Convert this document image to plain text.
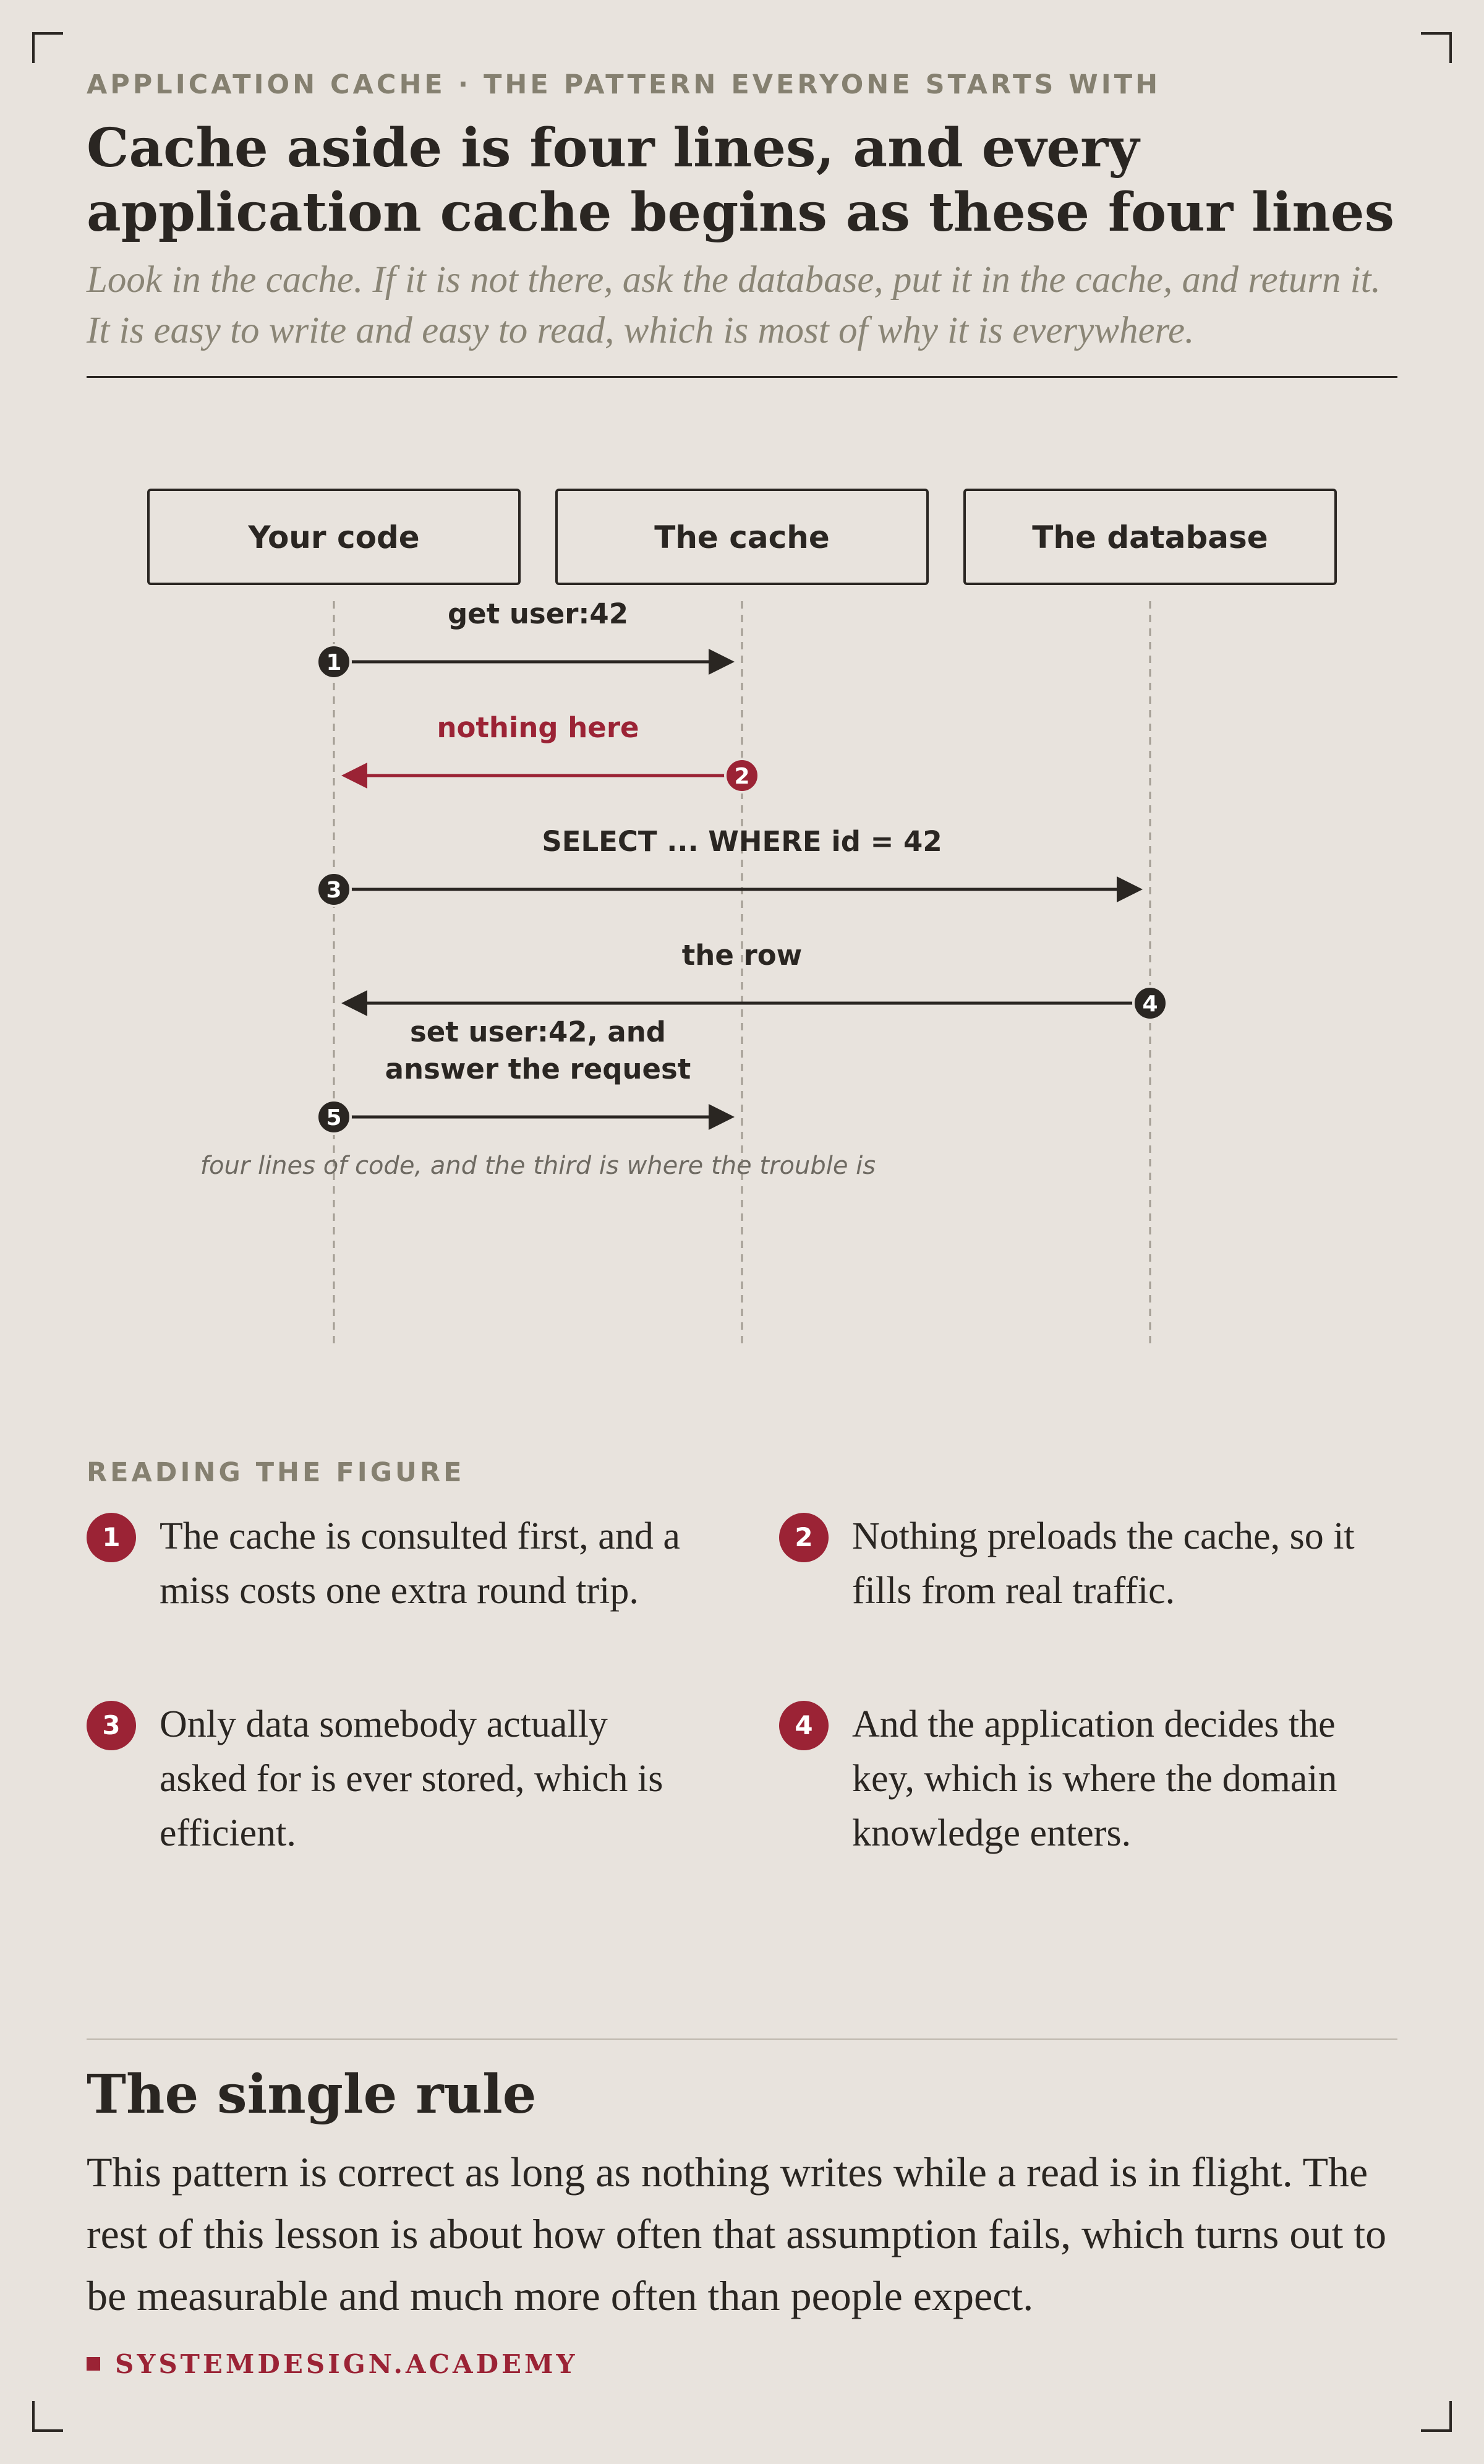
APPLICATION CACHE · THE PATTERN EVERYONE STARTS WITH
Cache aside is four lines, and every application cache begins as these four lines

Look in the cache. If it is not there, ask the database, put it in the cache, and return it. It is easy to write and easy to read, which is most of why it is everywhere.

Your code	The cache	The database
1
get user:42
2
nothing here
3
SELECT ... WHERE id = 42
4
the row
5
set user:42, and
answer the request
four lines of code, and the third is where the trouble is
READING THE FIGURE
1	The cache is consulted first, and a miss costs one extra round trip.

2	Nothing preloads the cache, so it fills from real traffic.

3	Only data somebody actually asked for is ever stored, which is efficient.

4	And the application decides the key, which is where the domain knowledge enters.

The single rule

This pattern is correct as long as nothing writes while a read is in flight. The rest of this lesson is about how often that assumption fails, which turns out to be measurable and much more often than people expect.

SYSTEMDESIGN.ACADEMY
